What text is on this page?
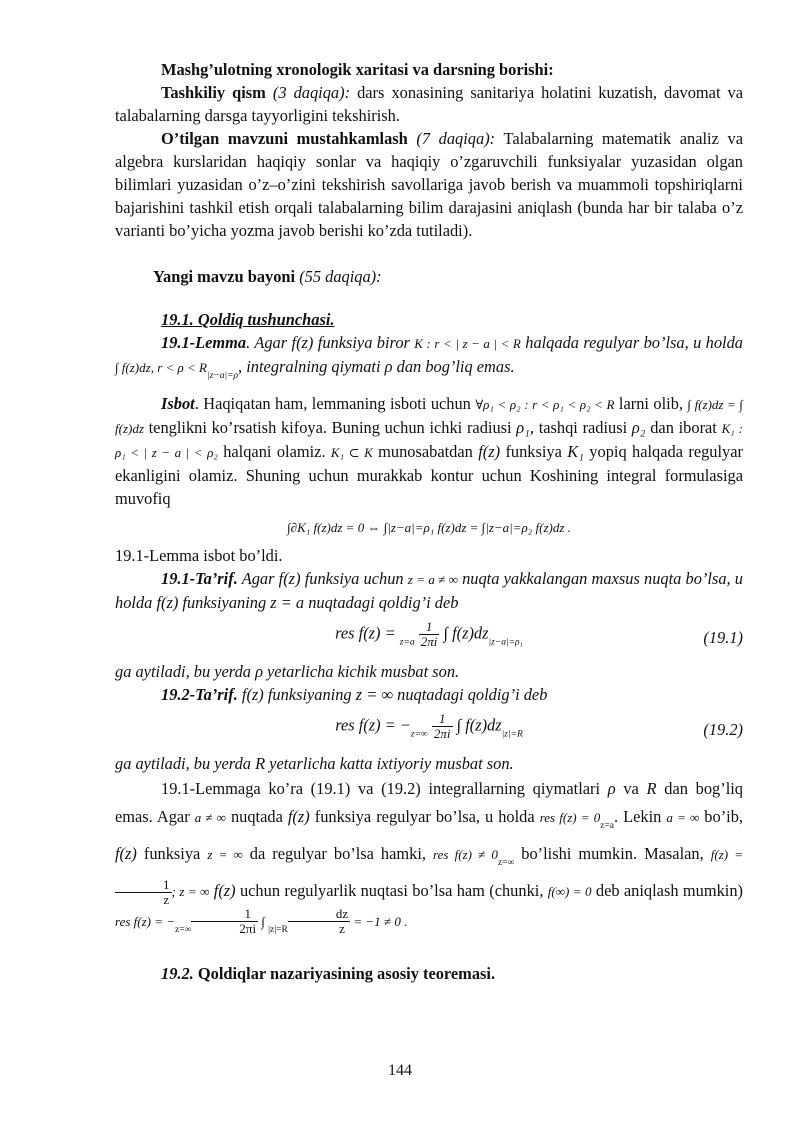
Mashg’ulotning xronologik xaritasi va darsning borishi:

Tashkiliy qism (3 daqiqa): dars xonasining sanitariya holatini kuzatish, davomat va talabalarning darsga tayyorligini tekshirish.

O’tilgan mavzuni mustahkamlash (7 daqiqa): Talabalarning matematik analiz va algebra kurslaridan haqiqiy sonlar va haqiqiy o’zgaruvchili funksiyalar yuzasidan olgan bilimlari yuzasidan o’z–o’zini tekshirish savollariga javob berish va muammoli topshiriqlarni bajarishini tashkil etish orqali talabalarning bilim darajasini aniqlash (bunda har bir talaba o’z varianti bo’yicha yozma javob berishi ko’zda tutiladi).

Yangi mavzu bayoni (55 daqiqa):

19.1. Qoldiq tushunchasi.

19.1-Lemma. Agar f(z) funksiya biror K : r < | z − a | < R halqada regulyar bo’lsa, u holda ∫ f(z)dz, $r < \rho < R_{|z-a|=\rho}$, integralning qiymati ρ dan bog’liq emas.

Isbot. Haqiqatan ham, lemmaning isboti uchun ∀ρ₁ < ρ₂ : r < ρ₁ < ρ₂ < R larni olib, ∫ f(z)dz = ∫ f(z)dz tenglikni ko’rsatish kifoya. Buning uchun ichki radiusi ρ₁, tashqi radiusi ρ₂ dan iborat K₁ : ρ₁ < | z − a | < ρ₂ halqani olamiz. K₁ ⊂ K munosabatdan f(z) funksiya K₁ yopiq halqada regulyar ekanligini olamiz. Shuning uchun murakkab kontur uchun Koshining integral formulasiga muvofiq

∫∂K₁ f(z)dz = 0 ⇔ ∫|z−a|=ρ₁ f(z)dz = ∫|z−a|=ρ₂ f(z)dz .

19.1-Lemma isbot bo’ldi.

19.1-Ta’rif. Agar f(z) funksiya uchun z = a ≠ ∞ nuqta yakkalangan maxsus nuqta bo’lsa, u holda f(z) funksiyaning z = a nuqtadagi qoldig’i deb

res $f(z) = _{z=a} \frac{1}{2\pi i}$ ∫ $f(z)dz_{|z-a|=\rho_1}$	(19.1)

ga aytiladi, bu yerda ρ yetarlicha kichik musbat son.

19.2-Ta’rif. f(z) funksiyaning z = ∞ nuqtadagi qoldig’i deb

res $f(z) = -_{z=\infty} \frac{1}{2\pi i}$ ∫ $f(z)dz_{|z|=R}$	(19.2)

ga aytiladi, bu yerda R yetarlicha katta ixtiyoriy musbat son.

19.1-Lemmaga ko’ra (19.1) va (19.2) integrallarning qiymatlari ρ va R dan bog’liq emas. Agar a ≠ ∞ nuqtada f(z) funksiya regulyar bo’lsa, u holda res $f(z) = 0_{z=a}$. Lekin a = ∞ bo’ib, f(z) funksiya z = ∞ da regulyar bo’lsa hamki, res $f(z) \ne 0_{z=\infty}$ bo’lishi mumkin. Masalan, f(z) =
$\frac{1}{z}$ ; z = ∞ f(z) uchun regulyarlik nuqtasi bo’lsa ham (chunki, f(∞) = 0 deb aniqlash mumkin) res $f(z) = -_{z=\infty} \frac{1}{2\pi i}$ ∫ $_{|z|=R} \frac{dz}{z} = -1 \ne 0$ .

19.2. Qoldiqlar nazariyasining asosiy teoremasi.

144
